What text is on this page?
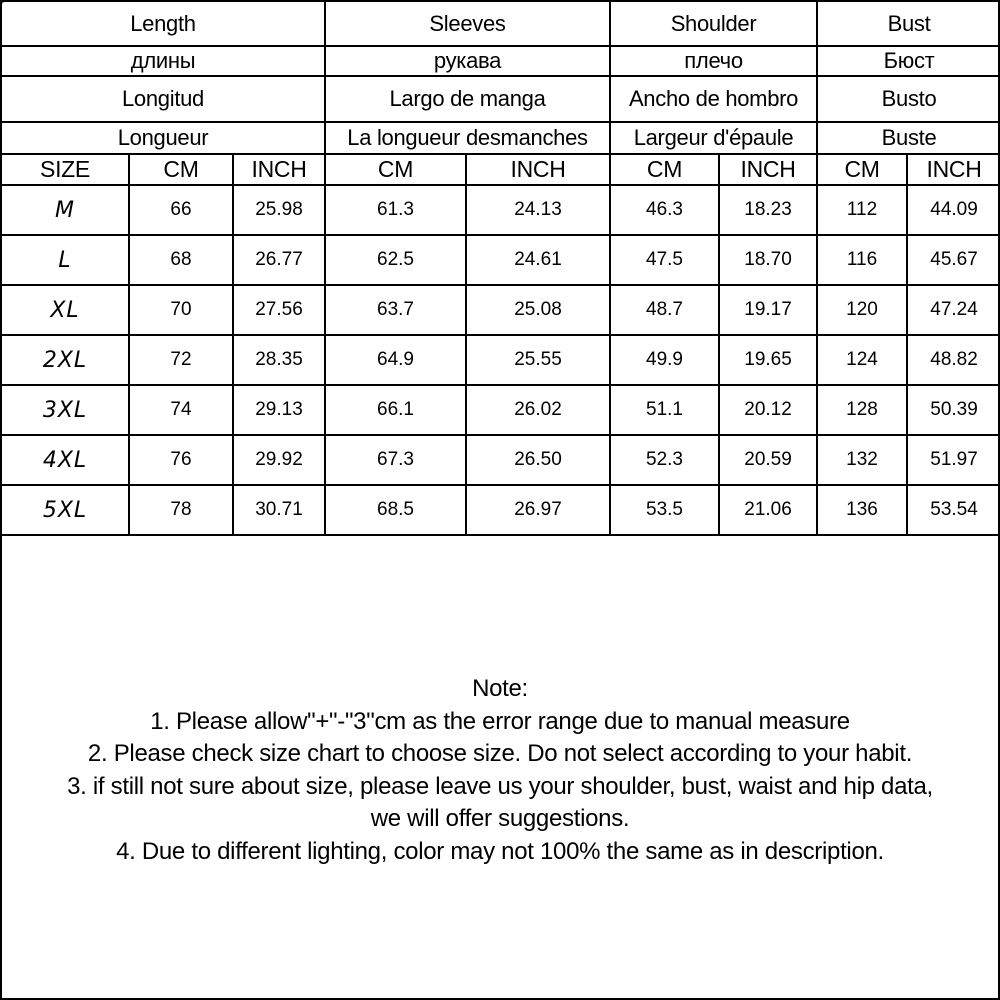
Length			Sleeves		Shoulder		Bust	
длины			рукава		плечо		Бюст	
Longitud			Largo de manga		Ancho de hombro		Busto	
Longueur			La longueur desmanches		Largeur d'épaule		Buste	
SIZE	CM	INCH	CM	INCH	CM	INCH	CM	INCH
M	66	25.98	61.3	24.13	46.3	18.23	112	44.09
L	68	26.77	62.5	24.61	47.5	18.70	116	45.67
XL	70	27.56	63.7	25.08	48.7	19.17	120	47.24
2XL	72	28.35	64.9	25.55	49.9	19.65	124	48.82
3XL	74	29.13	66.1	26.02	51.1	20.12	128	50.39
4XL	76	29.92	67.3	26.50	52.3	20.59	132	51.97
5XL	78	30.71	68.5	26.97	53.5	21.06	136	53.54
Note:
1. Please allow"+"-"3"cm as the error range due to manual measure
2. Please check size chart to choose size. Do not select according to your habit.
3. if still not sure about size, please leave us your shoulder, bust, waist and hip data,
we will offer suggestions.
4. Due to different lighting, color may not 100% the same as in description.
